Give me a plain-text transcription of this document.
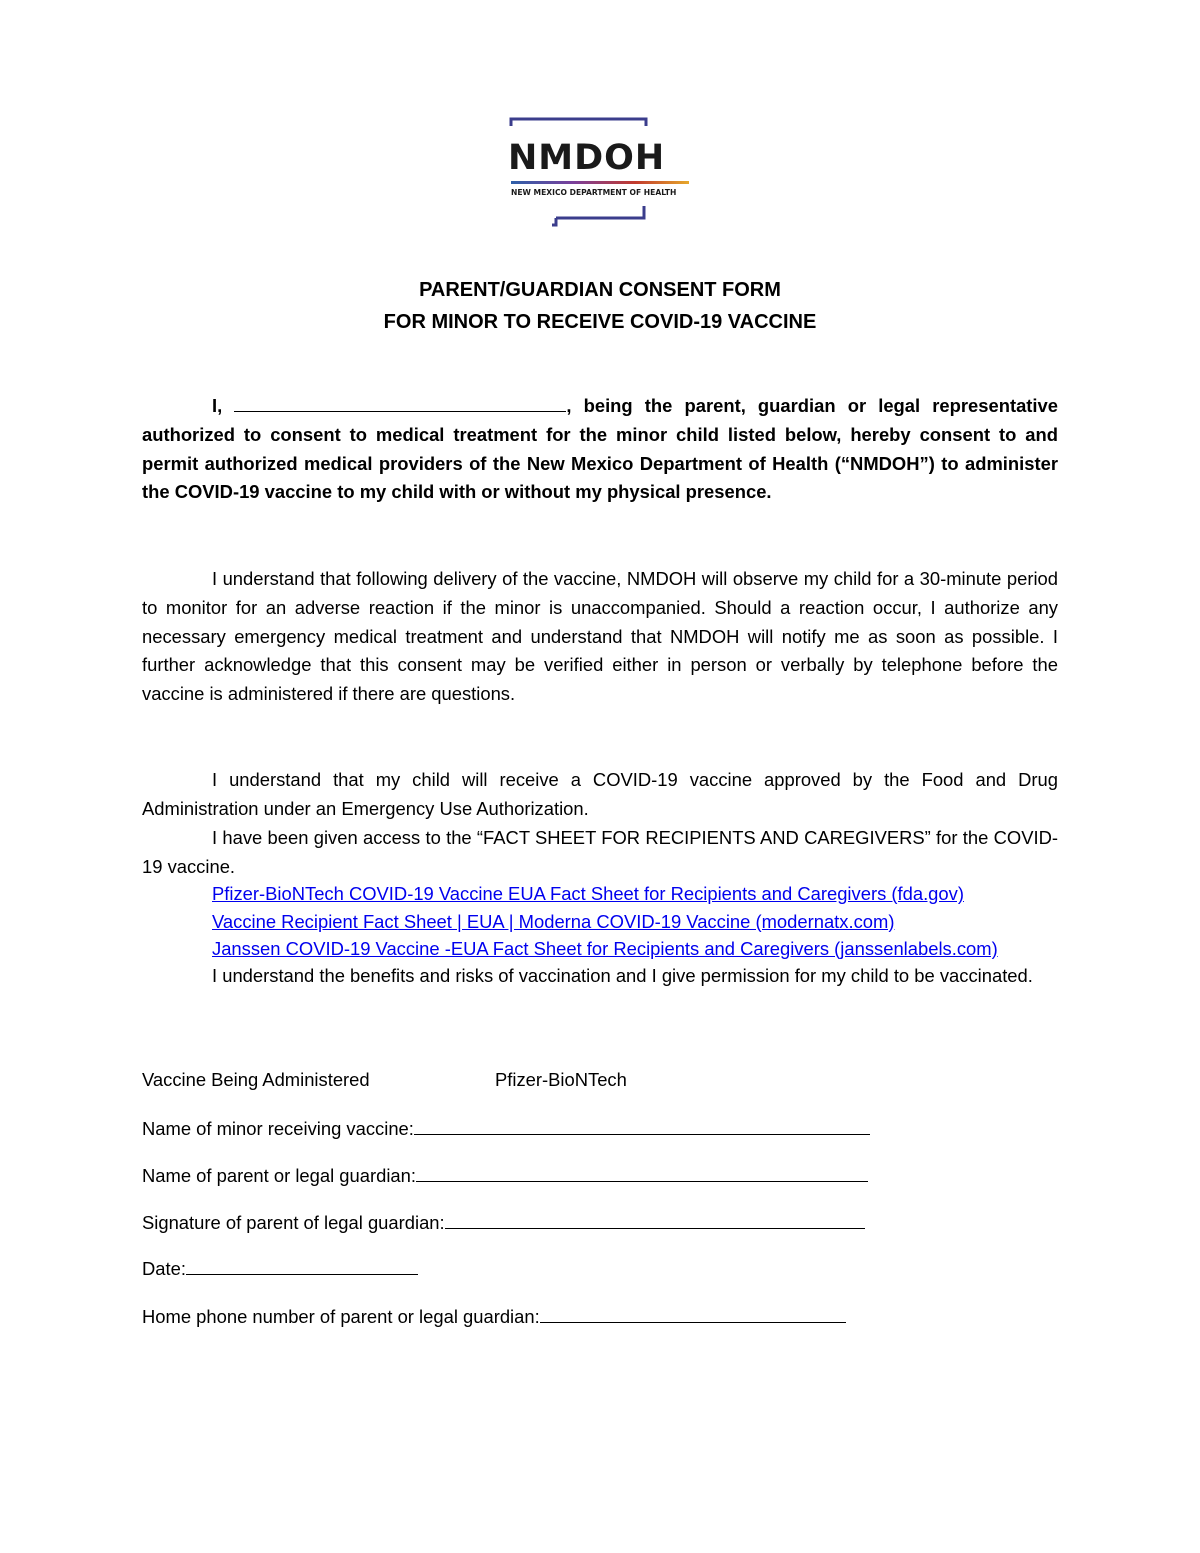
NMDOH
NEW MEXICO DEPARTMENT OF HEALTH
PARENT/GUARDIAN CONSENT FORM
FOR MINOR TO RECEIVE COVID-19 VACCINE

I,	, being the parent, guardian or legal representative authorized to consent to medical treatment for the minor child listed below, hereby consent to and permit authorized medical providers of the New Mexico Department of Health (“NMDOH”) to administer the COVID-19 vaccine to my child with or without my physical presence.

I understand that following delivery of the vaccine, NMDOH will observe my child for a 30-minute period to monitor for an adverse reaction if the minor is unaccompanied. Should a reaction occur, I authorize any necessary emergency medical treatment and understand that NMDOH will notify me as soon as possible. I further acknowledge that this consent may be verified either in person or verbally by telephone before the vaccine is administered if there are questions.

I understand that my child will receive a COVID-19 vaccine approved by the Food and Drug Administration under an Emergency Use Authorization.

I have been given access to the “FACT SHEET FOR RECIPIENTS AND CAREGIVERS” for the COVID-19 vaccine.

Pfizer-BioNTech COVID-19 Vaccine EUA Fact Sheet for Recipients and Caregivers (fda.gov)
Vaccine Recipient Fact Sheet | EUA | Moderna COVID-19 Vaccine (modernatx.com)
Janssen COVID-19 Vaccine -EUA Fact Sheet for Recipients and Caregivers (janssenlabels.com)

I understand the benefits and risks of vaccination and I give permission for my child to be vaccinated.

Vaccine Being Administered	Pfizer-BioNTech
Name of minor receiving vaccine:
Name of parent or legal guardian:
Signature of parent of legal guardian:
Date:
Home phone number of parent or legal guardian:
